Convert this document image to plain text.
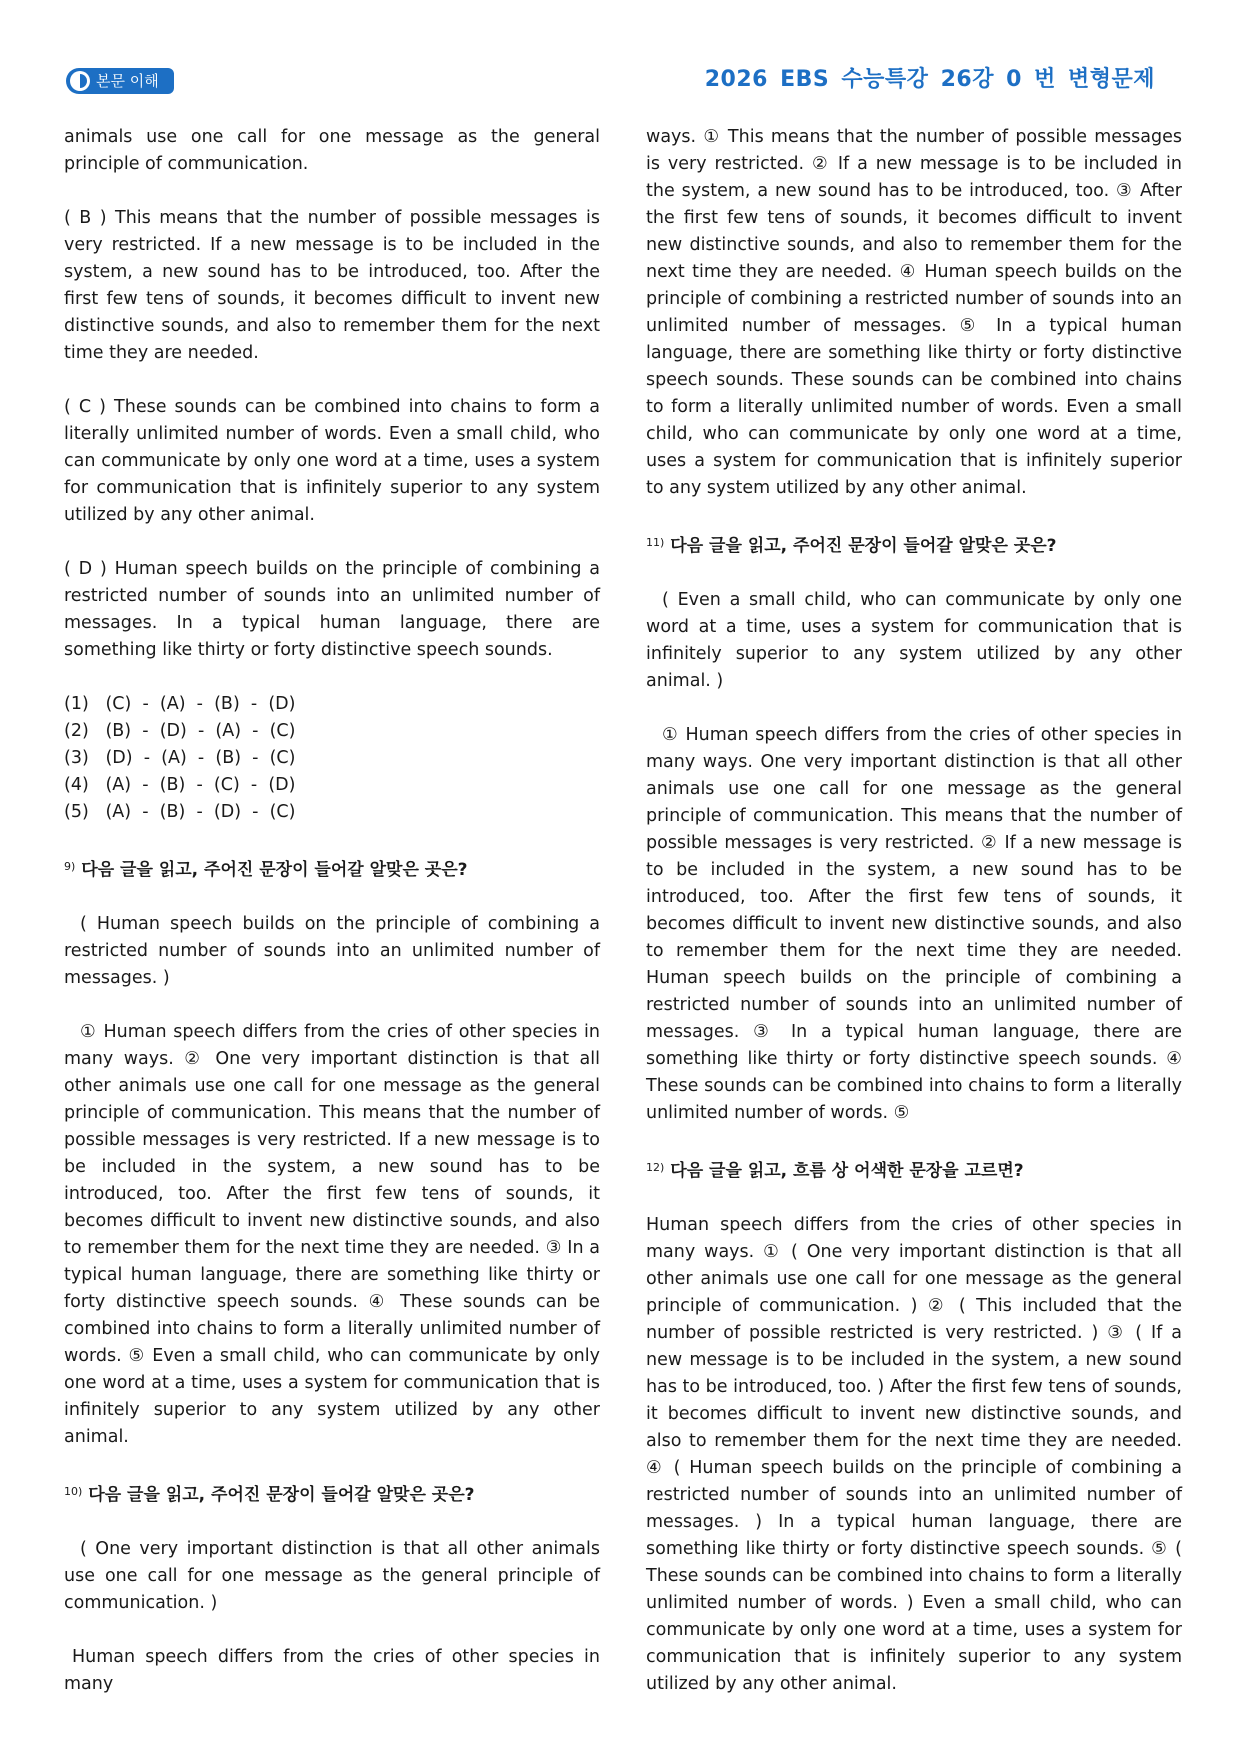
본문 이해	2026 EBS 수능특강 26강 0 번 변형문제

animals use one call for one message as the general principle of communication.

( B ) This means that the number of possible messages is very restricted. If a new message is to be included in the system, a new sound has to be introduced, too. After the first few tens of sounds, it becomes difficult to invent new distinctive sounds, and also to remember them for the next time they are needed.

( C ) These sounds can be combined into chains to form a literally unlimited number of words. Even a small child, who can communicate by only one word at a time, uses a system for communication that is infinitely superior to any system utilized by any other animal.

( D ) Human speech builds on the principle of combining a restricted number of sounds into an unlimited number of messages. In a typical human language, there are something like thirty or forty distinctive speech sounds.

(1)   (C)  -  (A)  -  (B)  -  (D)
(2)   (B)  -  (D)  -  (A)  -  (C)
(3)   (D)  -  (A)  -  (B)  -  (C)
(4)   (A)  -  (B)  -  (C)  -  (D)
(5)   (A)  -  (B)  -  (D)  -  (C)
$^{9)}$ 다음 글을 읽고, 주어진 문장이 들어갈 알맞은 곳은?

( Human speech builds on the principle of combining a restricted number of sounds into an unlimited number of messages. )

① Human speech differs from the cries of other species in many ways. ② One very important distinction is that all other animals use one call for one message as the general principle of communication. This means that the number of possible messages is very restricted. If a new message is to be included in the system, a new sound has to be introduced, too. After the first few tens of sounds, it becomes difficult to invent new distinctive sounds, and also to remember them for the next time they are needed. ③ In a typical human language, there are something like thirty or forty distinctive speech sounds. ④ These sounds can be combined into chains to form a literally unlimited number of words. ⑤ Even a small child, who can communicate by only one word at a time, uses a system for communication that is infinitely superior to any system utilized by any other animal.

$^{10)}$ 다음 글을 읽고, 주어진 문장이 들어갈 알맞은 곳은?

( One very important distinction is that all other animals use one call for one message as the general principle of communication. )

Human speech differs from the cries of other species in many

ways. ① This means that the number of possible messages is very restricted. ② If a new message is to be included in the system, a new sound has to be introduced, too. ③ After the first few tens of sounds, it becomes difficult to invent new distinctive sounds, and also to remember them for the next time they are needed. ④ Human speech builds on the principle of combining a restricted number of sounds into an unlimited number of messages. ⑤ In a typical human language, there are something like thirty or forty distinctive speech sounds. These sounds can be combined into chains to form a literally unlimited number of words. Even a small child, who can communicate by only one word at a time, uses a system for communication that is infinitely superior to any system utilized by any other animal.

$^{11)}$ 다음 글을 읽고, 주어진 문장이 들어갈 알맞은 곳은?

( Even a small child, who can communicate by only one word at a time, uses a system for communication that is infinitely superior to any system utilized by any other animal. )

① Human speech differs from the cries of other species in many ways. One very important distinction is that all other animals use one call for one message as the general principle of communication. This means that the number of possible messages is very restricted. ② If a new message is to be included in the system, a new sound has to be introduced, too. After the first few tens of sounds, it becomes difficult to invent new distinctive sounds, and also to remember them for the next time they are needed. Human speech builds on the principle of combining a restricted number of sounds into an unlimited number of messages. ③ In a typical human language, there are something like thirty or forty distinctive speech sounds. ④ These sounds can be combined into chains to form a literally unlimited number of words. ⑤

$^{12)}$ 다음 글을 읽고, 흐름 상 어색한 문장을 고르면?

Human speech differs from the cries of other species in many ways. ① ( One very important distinction is that all other animals use one call for one message as the general principle of communication. ) ② ( This included that the number of possible restricted is very restricted. ) ③ ( If a new message is to be included in the system, a new sound has to be introduced, too. ) After the first few tens of sounds, it becomes difficult to invent new distinctive sounds, and also to remember them for the next time they are needed. ④ ( Human speech builds on the principle of combining a restricted number of sounds into an unlimited number of messages. ) In a typical human language, there are something like thirty or forty distinctive speech sounds. ⑤ ( These sounds can be combined into chains to form a literally unlimited number of words. ) Even a small child, who can communicate by only one word at a time, uses a system for communication that is infinitely superior to any system utilized by any other animal.
